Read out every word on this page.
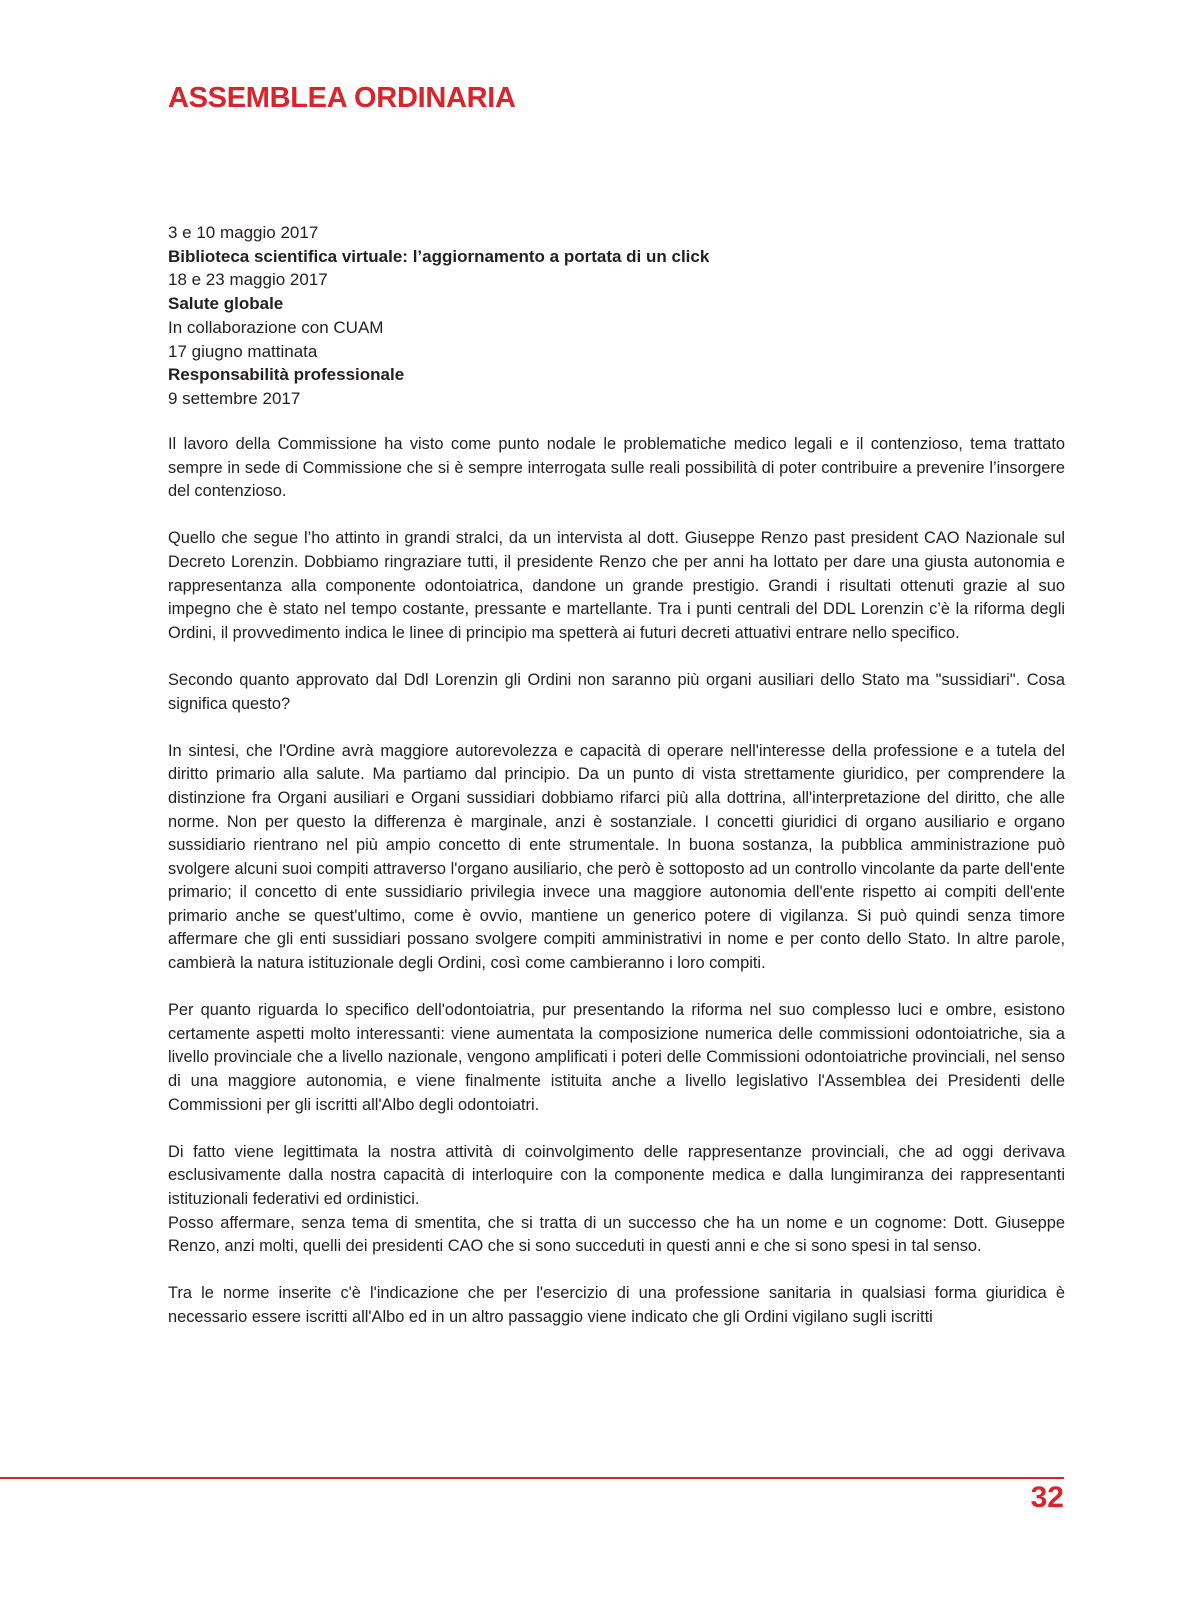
ASSEMBLEA ORDINARIA
3 e 10 maggio 2017
Biblioteca scientifica virtuale: l’aggiornamento a portata di un click
18 e 23 maggio 2017
Salute globale
In collaborazione con CUAM
17 giugno mattinata
Responsabilità professionale
9 settembre 2017

Il lavoro della Commissione ha visto come punto nodale le problematiche medico legali e il contenzioso, tema trattato sempre in sede di Commissione che si è sempre interrogata sulle reali possibilità di poter contribuire a prevenire l’insorgere del contenzioso.

Quello che segue l’ho attinto in grandi stralci, da un intervista al dott. Giuseppe Renzo past president CAO Nazionale sul Decreto Lorenzin. Dobbiamo ringraziare tutti, il presidente Renzo che per anni ha lottato per dare una giusta autonomia e rappresentanza alla componente odontoiatrica, dandone un grande prestigio. Grandi i risultati ottenuti grazie al suo impegno che è stato nel tempo costante, pressante e martellante. Tra i punti centrali del DDL Lorenzin c’è la riforma degli Ordini, il provvedimento indica le linee di principio ma spetterà ai futuri decreti attuativi entrare nello specifico.

Secondo quanto approvato dal Ddl Lorenzin gli Ordini non saranno più organi ausiliari dello Stato ma "sussidiari". Cosa significa questo?

In sintesi, che l'Ordine avrà maggiore autorevolezza e capacità di operare nell'interesse della professione e a tutela del diritto primario alla salute. Ma partiamo dal principio. Da un punto di vista strettamente giuridico, per comprendere la distinzione fra Organi ausiliari e Organi sussidiari dobbiamo rifarci più alla dottrina, all'interpretazione del diritto, che alle norme. Non per questo la differenza è marginale, anzi è sostanziale. I concetti giuridici di organo ausiliario e organo sussidiario rientrano nel più ampio concetto di ente strumentale. In buona sostanza, la pubblica amministrazione può svolgere alcuni suoi compiti attraverso l'organo ausiliario, che però è sottoposto ad un controllo vincolante da parte dell'ente primario; il concetto di ente sussidiario privilegia invece una maggiore autonomia dell'ente rispetto ai compiti dell'ente primario anche se quest'ultimo, come è ovvio, mantiene un generico potere di vigilanza. Si può quindi senza timore affermare che gli enti sussidiari possano svolgere compiti amministrativi in nome e per conto dello Stato. In altre parole, cambierà la natura istituzionale degli Ordini, così come cambieranno i loro compiti.

Per quanto riguarda lo specifico dell'odontoiatria, pur presentando la riforma nel suo complesso luci e ombre, esistono certamente aspetti molto interessanti: viene aumentata la composizione numerica delle commissioni odontoiatriche, sia a livello provinciale che a livello nazionale, vengono amplificati i poteri delle Commissioni odontoiatriche provinciali, nel senso di una maggiore autonomia, e viene finalmente istituita anche a livello legislativo l'Assemblea dei Presidenti delle Commissioni per gli iscritti all'Albo degli odontoiatri.

Di fatto viene legittimata la nostra attività di coinvolgimento delle rappresentanze provinciali, che ad oggi derivava esclusivamente dalla nostra capacità di interloquire con la componente medica e dalla lungimiranza dei rappresentanti istituzionali federativi ed ordinistici.

Posso affermare, senza tema di smentita, che si tratta di un successo che ha un nome e un cognome: Dott. Giuseppe Renzo, anzi molti, quelli dei presidenti CAO che si sono succeduti in questi anni e che si sono spesi in tal senso.

Tra le norme inserite c'è l'indicazione che per l'esercizio di una professione sanitaria in qualsiasi forma giuridica è necessario essere iscritti all'Albo ed in un altro passaggio viene indicato che gli Ordini vigilano sugli iscritti

32
